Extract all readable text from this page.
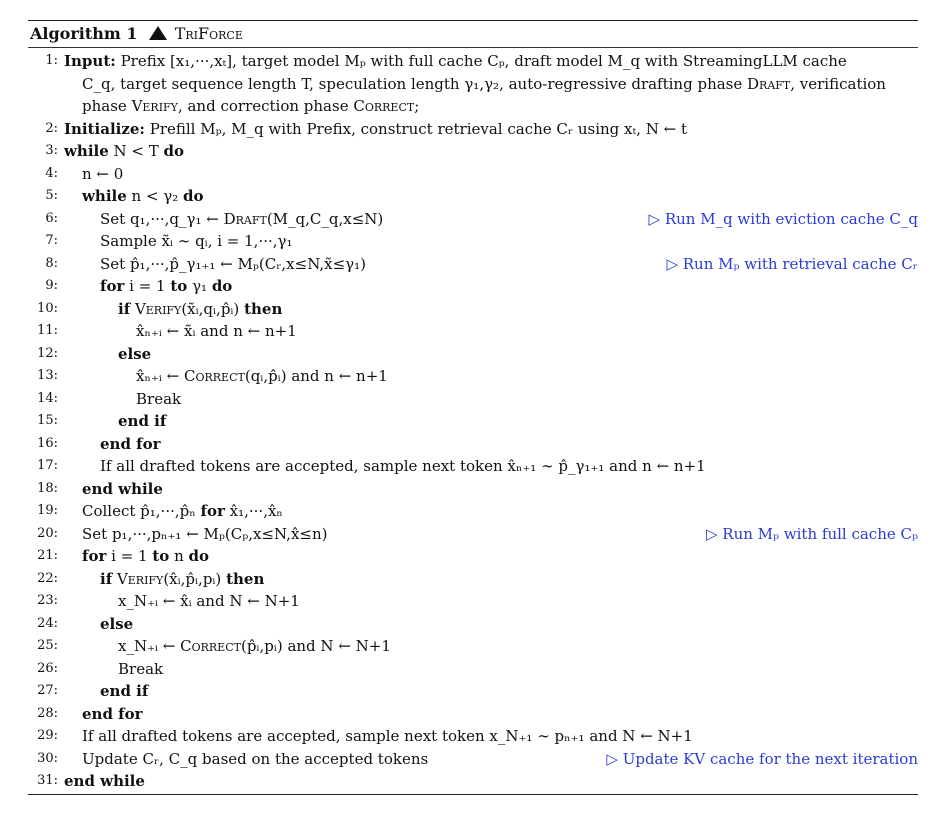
Algorithm 1 TriForce
1: Input: Prefix [x₁,···,xₜ], target model Mₚ with full cache Cₚ, draft model M_q with StreamingLLM cache
C_q, target sequence length T, speculation length γ₁,γ₂, auto-regressive drafting phase Draft, verification
phase Verify, and correction phase Correct;
2: Initialize: Prefill Mₚ, M_q with Prefix, construct retrieval cache Cᵣ using xₜ, N ← t
3: while N < T do
4: n ← 0
5: while n < γ₂ do
6:	Set q₁,···,q_γ₁ ← Draft(M_q,C_q,x≤N)	▷ Run M_q with eviction cache C_q
7:	Sample x̃ᵢ ∼ qᵢ, i = 1,···,γ₁
8:	Set p̂₁,···,p̂_γ₁₊₁ ← Mₚ(Cᵣ,x≤N,x̃≤γ₁)	▷ Run Mₚ with retrieval cache Cᵣ
9:	for i = 1 to γ₁ do
10:	if Verify(x̃ᵢ,qᵢ,p̂ᵢ) then
11:	x̂ₙ₊ᵢ ← x̃ᵢ and n ← n+1
12:	else
13:	x̂ₙ₊ᵢ ← Correct(qᵢ,p̂ᵢ) and n ← n+1
14:	Break
15:	end if
16:	end for
17:	If all drafted tokens are accepted, sample next token x̂ₙ₊₁ ∼ p̂_γ₁₊₁ and n ← n+1
18: end while
19: Collect p̂₁,···,p̂ₙ for x̂₁,···,x̂ₙ
20: Set p₁,···,pₙ₊₁ ← Mₚ(Cₚ,x≤N,x̂≤n)	▷ Run Mₚ with full cache Cₚ
21: for i = 1 to n do
22:	if Verify(x̂ᵢ,p̂ᵢ,pᵢ) then
23:	x_N₊ᵢ ← x̂ᵢ and N ← N+1
24:	else
25:	x_N₊ᵢ ← Correct(p̂ᵢ,pᵢ) and N ← N+1
26:	Break
27:	end if
28: end for
29: If all drafted tokens are accepted, sample next token x_N₊₁ ∼ pₙ₊₁ and N ← N+1
30: Update Cᵣ, C_q based on the accepted tokens	▷ Update KV cache for the next iteration
31: end while
